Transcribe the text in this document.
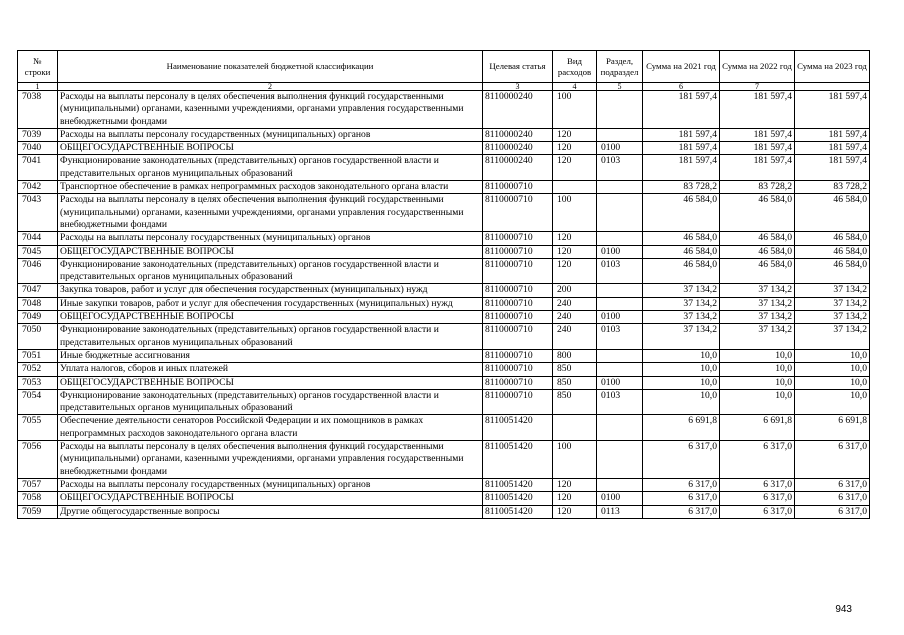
№ строки	Наименование показателей бюджетной классификации	Целевая статья	Вид расходов	Раздел, подраздел	Сумма на 2021 год	Сумма на 2022 год	Сумма на 2023 год
1	2	3	4	5	6	7	
7038	Расходы на выплаты персоналу в целях обеспечения выполнения функций государственными (муниципальными) органами, казенными учреждениями, органами управления государственными внебюджетными фондами	8110000240	100		181 597,4	181 597,4	181 597,4
7039	Расходы на выплаты персоналу государственных (муниципальных) органов	8110000240	120		181 597,4	181 597,4	181 597,4
7040	ОБЩЕГОСУДАРСТВЕННЫЕ ВОПРОСЫ	8110000240	120	0100	181 597,4	181 597,4	181 597,4
7041	Функционирование законодательных (представительных) органов государственной власти и представительных органов муниципальных образований	8110000240	120	0103	181 597,4	181 597,4	181 597,4
7042	Транспортное обеспечение в рамках непрограммных расходов законодательного органа власти	8110000710			83 728,2	83 728,2	83 728,2
7043	Расходы на выплаты персоналу в целях обеспечения выполнения функций государственными (муниципальными) органами, казенными учреждениями, органами управления государственными внебюджетными фондами	8110000710	100		46 584,0	46 584,0	46 584,0
7044	Расходы на выплаты персоналу государственных (муниципальных) органов	8110000710	120		46 584,0	46 584,0	46 584,0
7045	ОБЩЕГОСУДАРСТВЕННЫЕ ВОПРОСЫ	8110000710	120	0100	46 584,0	46 584,0	46 584,0
7046	Функционирование законодательных (представительных) органов государственной власти и представительных органов муниципальных образований	8110000710	120	0103	46 584,0	46 584,0	46 584,0
7047	Закупка товаров, работ и услуг для обеспечения государственных (муниципальных) нужд	8110000710	200		37 134,2	37 134,2	37 134,2
7048	Иные закупки товаров, работ и услуг для обеспечения государственных (муниципальных) нужд	8110000710	240		37 134,2	37 134,2	37 134,2
7049	ОБЩЕГОСУДАРСТВЕННЫЕ ВОПРОСЫ	8110000710	240	0100	37 134,2	37 134,2	37 134,2
7050	Функционирование законодательных (представительных) органов государственной власти и представительных органов муниципальных образований	8110000710	240	0103	37 134,2	37 134,2	37 134,2
7051	Иные бюджетные ассигнования	8110000710	800		10,0	10,0	10,0
7052	Уплата налогов, сборов и иных платежей	8110000710	850		10,0	10,0	10,0
7053	ОБЩЕГОСУДАРСТВЕННЫЕ ВОПРОСЫ	8110000710	850	0100	10,0	10,0	10,0
7054	Функционирование законодательных (представительных) органов государственной власти и представительных органов муниципальных образований	8110000710	850	0103	10,0	10,0	10,0
7055	Обеспечение деятельности сенаторов Российской Федерации и их помощников в рамках непрограммных расходов законодательного органа власти	8110051420			6 691,8	6 691,8	6 691,8
7056	Расходы на выплаты персоналу в целях обеспечения выполнения функций государственными (муниципальными) органами, казенными учреждениями, органами управления государственными внебюджетными фондами	8110051420	100		6 317,0	6 317,0	6 317,0
7057	Расходы на выплаты персоналу государственных (муниципальных) органов	8110051420	120		6 317,0	6 317,0	6 317,0
7058	ОБЩЕГОСУДАРСТВЕННЫЕ ВОПРОСЫ	8110051420	120	0100	6 317,0	6 317,0	6 317,0
7059	Другие общегосударственные вопросы	8110051420	120	0113	6 317,0	6 317,0	6 317,0
943
